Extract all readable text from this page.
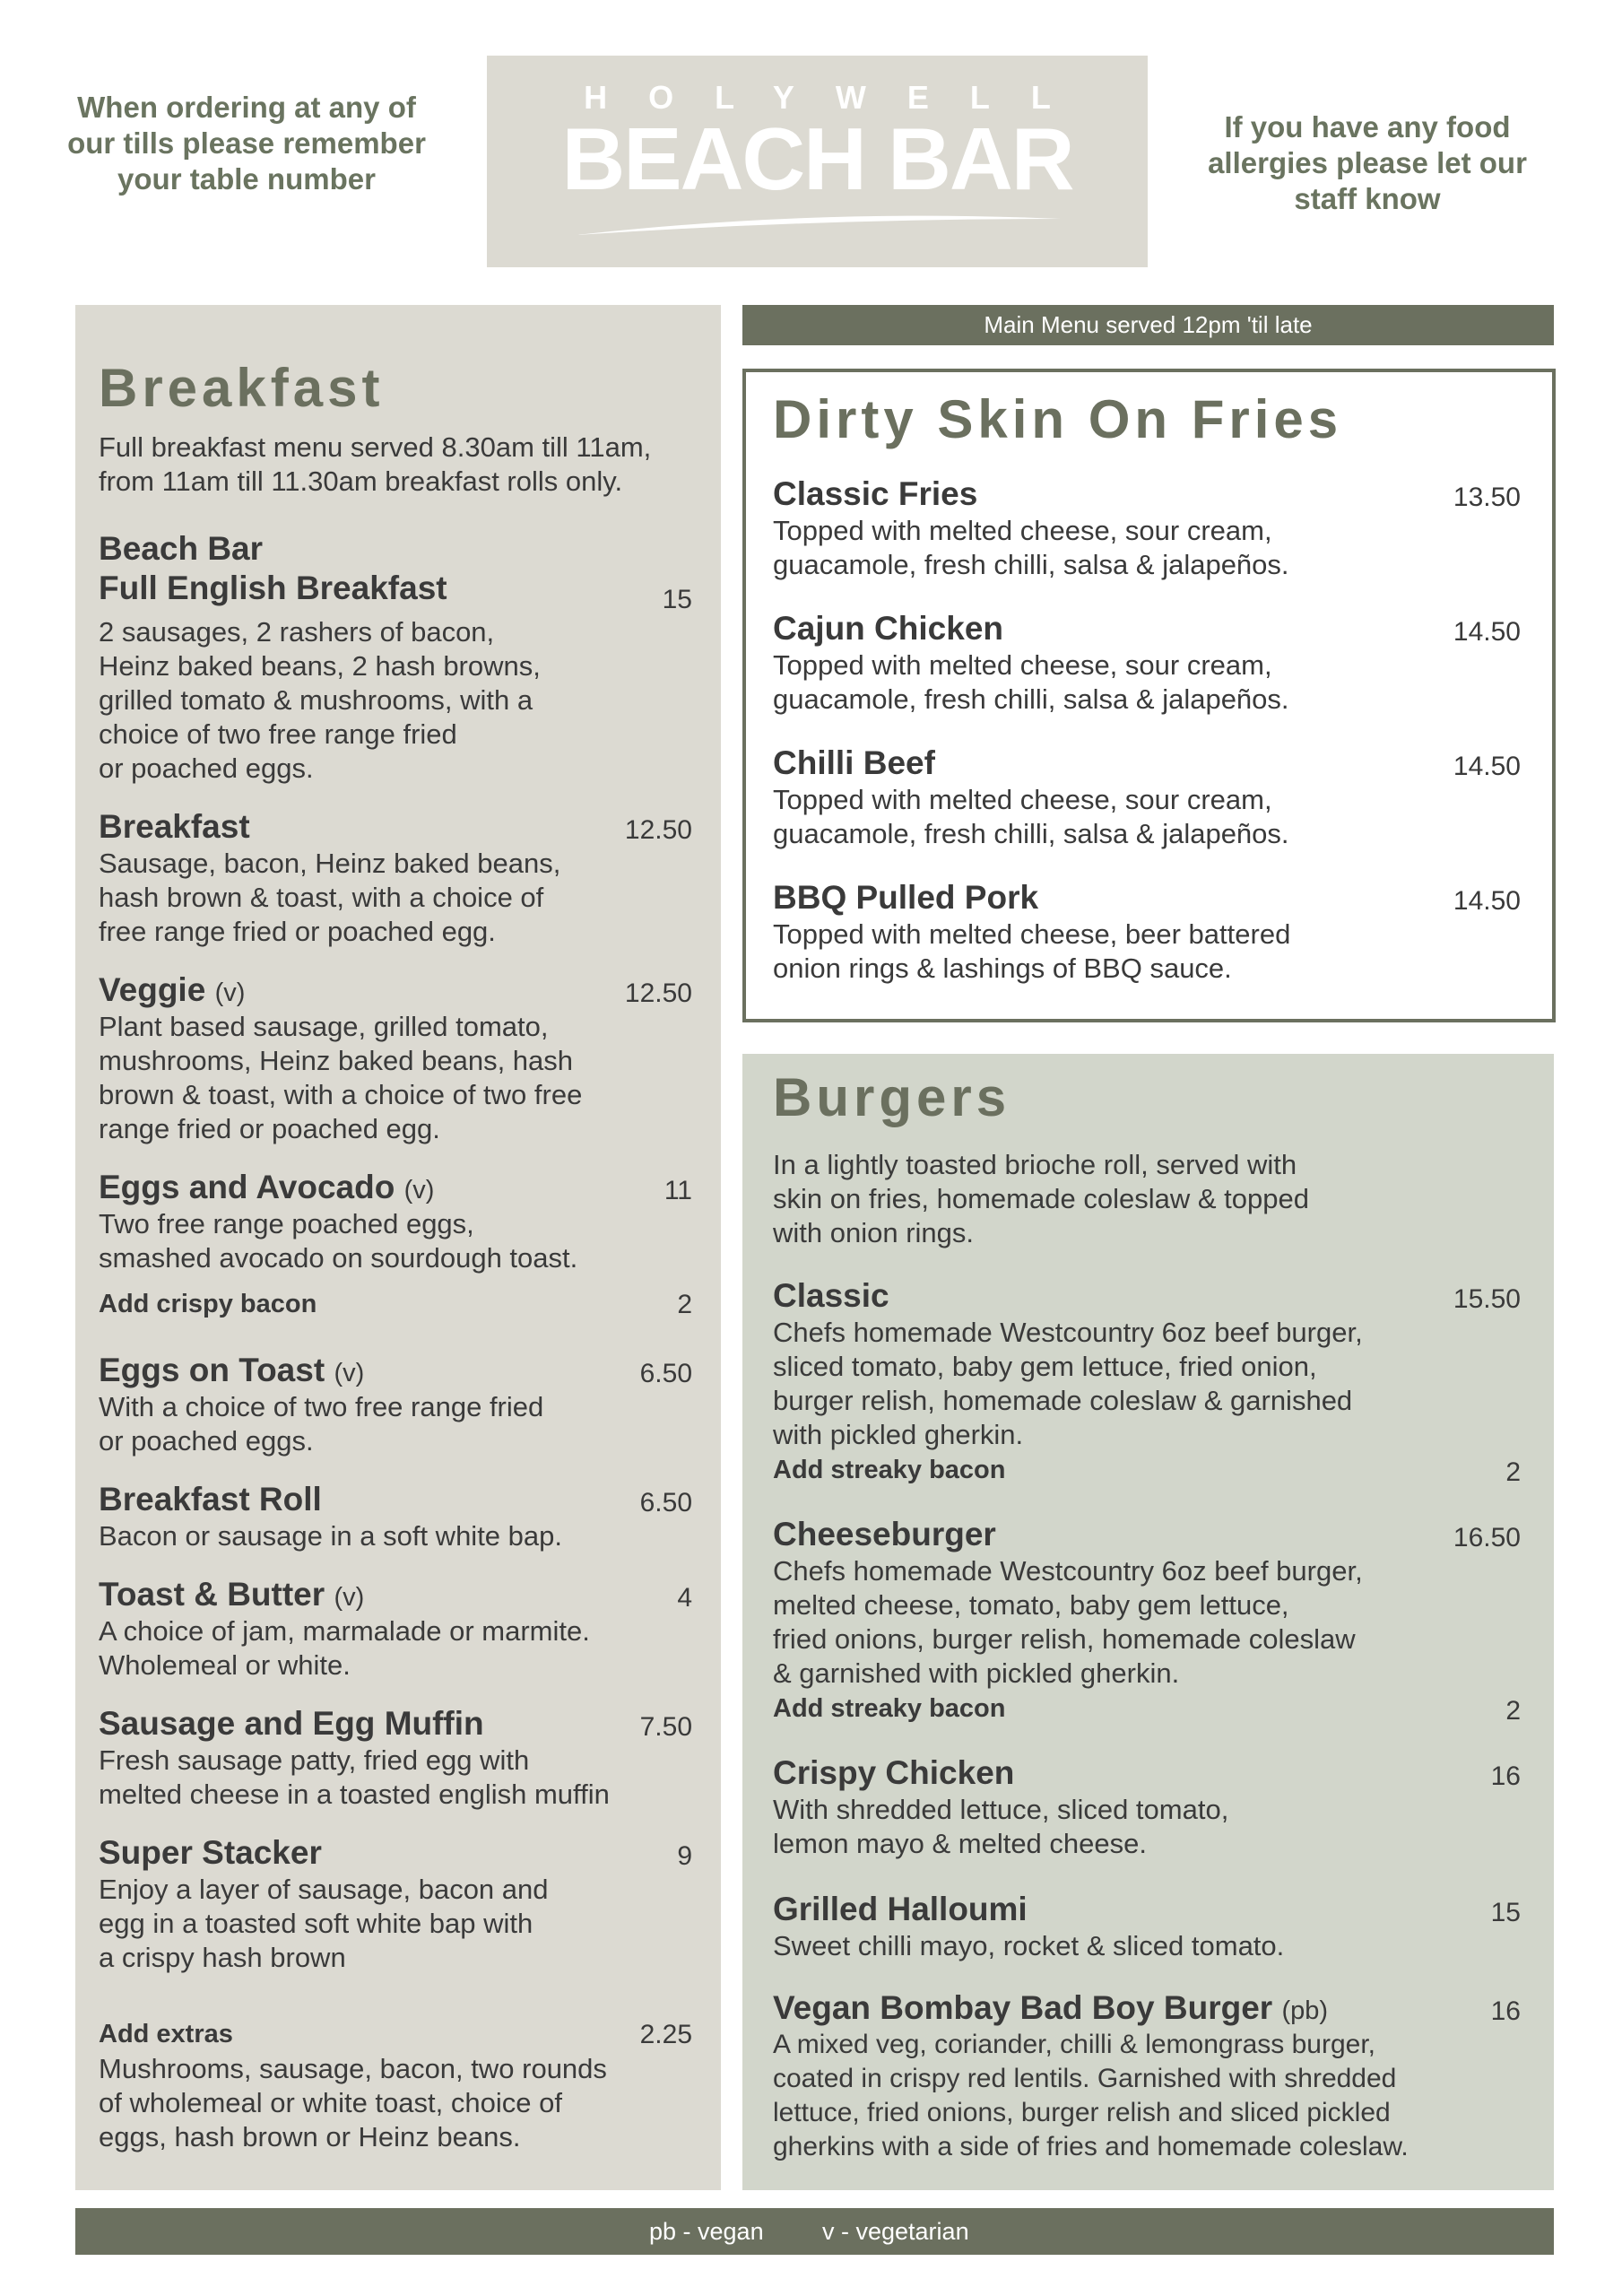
When ordering at any of our tills please remember your table number
HOLYWELL
BEACH BAR	If you have any food allergies please let our staff know
Breakfast
Full breakfast menu served 8.30am till 11am,
from 11am till 11.30am breakfast rolls only.
Beach Bar
Full English Breakfast	15
2 sausages, 2 rashers of bacon,
Heinz baked beans, 2 hash browns,
grilled tomato & mushrooms, with a
choice of two free range fried
or poached eggs.
Breakfast	12.50
Sausage, bacon, Heinz baked beans,
hash brown & toast, with a choice of
free range fried or poached egg.
Veggie (v)	12.50
Plant based sausage, grilled tomato,
mushrooms, Heinz baked beans, hash
brown & toast, with a choice of two free
range fried or poached egg.
Eggs and Avocado (v)	11
Two free range poached eggs,
smashed avocado on sourdough toast.
Add crispy bacon	2
Eggs on Toast (v)	6.50
With a choice of two free range fried
or poached eggs.
Breakfast Roll	6.50
Bacon or sausage in a soft white bap.
Toast & Butter (v)	4
A choice of jam, marmalade or marmite.
Wholemeal or white.
Sausage and Egg Muffin	7.50
Fresh sausage patty, fried egg with
melted cheese in a toasted english muffin
Super Stacker	9
Enjoy a layer of sausage, bacon and
egg in a toasted soft white bap with
a crispy hash brown
Add extras	2.25
Mushrooms, sausage, bacon, two rounds
of wholemeal or white toast, choice of
eggs, hash brown or Heinz beans.
Main Menu served 12pm 'til late
Dirty Skin On Fries
Classic Fries	13.50
Topped with melted cheese, sour cream,
guacamole, fresh chilli, salsa & jalapeños.
Cajun Chicken	14.50
Topped with melted cheese, sour cream,
guacamole, fresh chilli, salsa & jalapeños.
Chilli Beef	14.50
Topped with melted cheese, sour cream,
guacamole, fresh chilli, salsa & jalapeños.
BBQ Pulled Pork	14.50
Topped with melted cheese, beer battered
onion rings & lashings of BBQ sauce.
Burgers
In a lightly toasted brioche roll, served with
skin on fries, homemade coleslaw & topped
with onion rings.
Classic	15.50
Chefs homemade Westcountry 6oz beef burger,
sliced tomato, baby gem lettuce, fried onion,
burger relish, homemade coleslaw & garnished
with pickled gherkin.
Add streaky bacon	2
Cheeseburger	16.50
Chefs homemade Westcountry 6oz beef burger,
melted cheese, tomato, baby gem lettuce,
fried onions, burger relish, homemade coleslaw
& garnished with pickled gherkin.
Add streaky bacon	2
Crispy Chicken	16
With shredded lettuce, sliced tomato,
lemon mayo & melted cheese.
Grilled Halloumi	15
Sweet chilli mayo, rocket & sliced tomato.
Vegan Bombay Bad Boy Burger (pb)	16
A mixed veg, coriander, chilli & lemongrass burger,
coated in crispy red lentils. Garnished with shredded
lettuce, fried onions, burger relish and sliced pickled
gherkins with a side of fries and homemade coleslaw.
pb - vegan v - vegetarian
